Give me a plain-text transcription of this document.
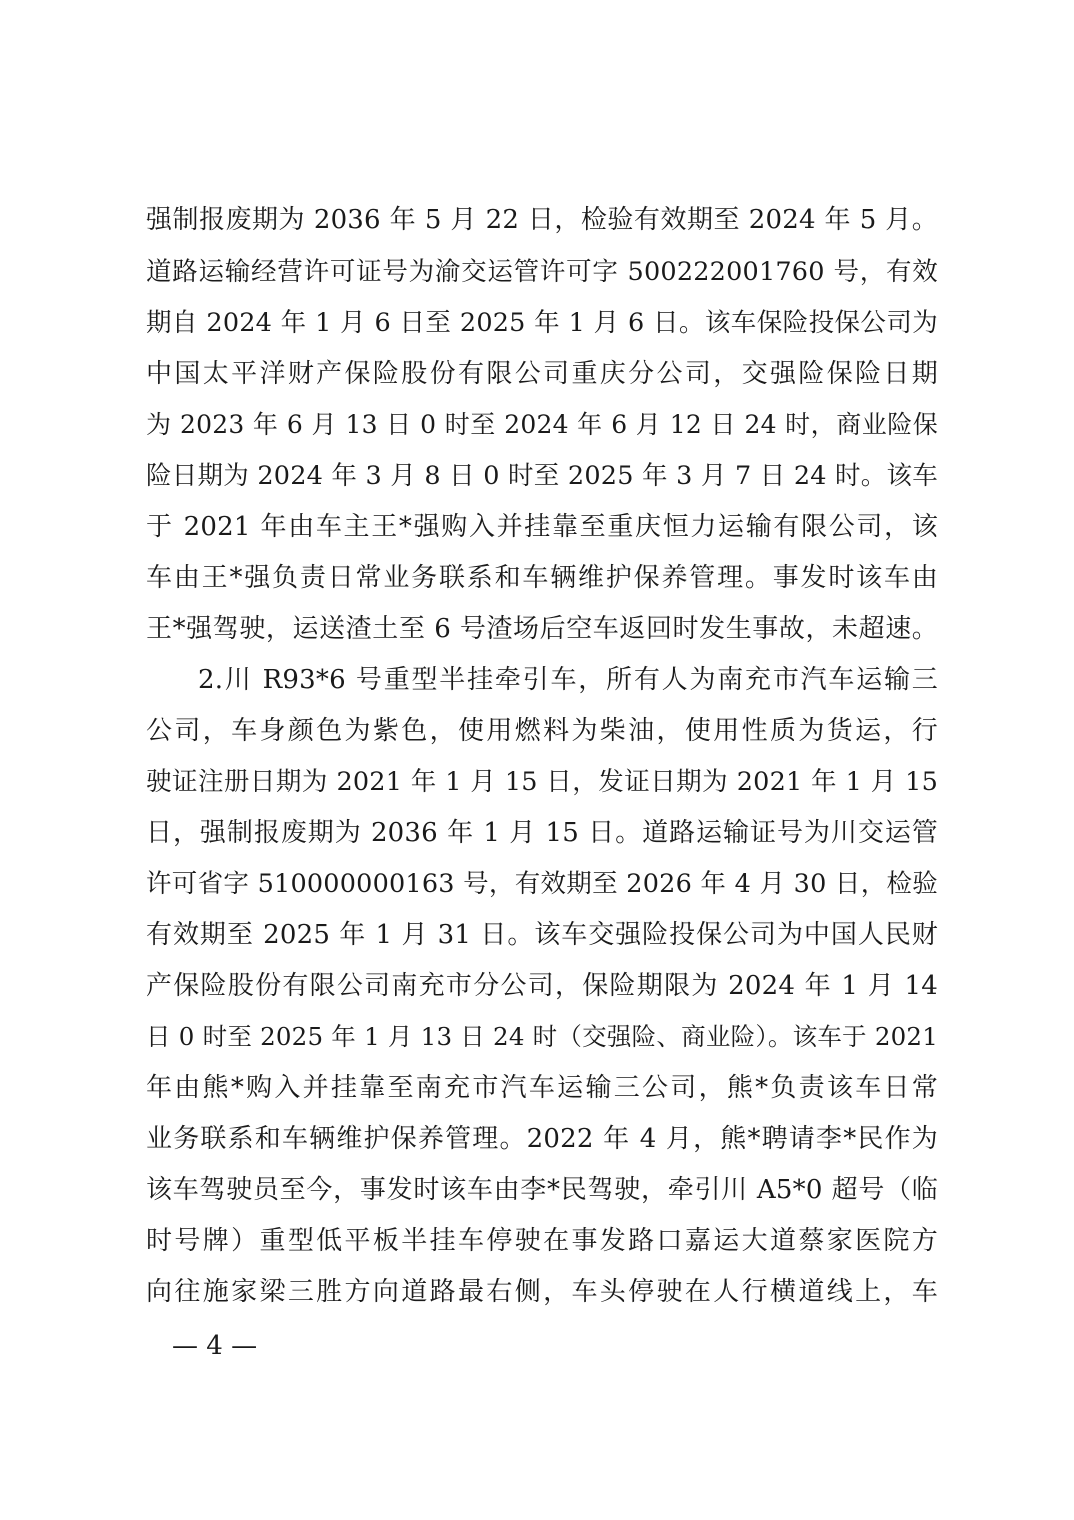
强制报废期为 2036 年 5 月 22 日，检验有效期至 2024 年 5 月。
道路运输经营许可证号为渝交运管许可字 500222001760 号，有效
期自 2024 年 1 月 6 日至 2025 年 1 月 6 日。该车保险投保公司为
中国太平洋财产保险股份有限公司重庆分公司，交强险保险日期
为 2023 年 6 月 13 日 0 时至 2024 年 6 月 12 日 24 时，商业险保
险日期为 2024 年 3 月 8 日 0 时至 2025 年 3 月 7 日 24 时。该车
于 2021 年由车主王*强购入并挂靠至重庆恒力运输有限公司，该
车由王*强负责日常业务联系和车辆维护保养管理。事发时该车由
王*强驾驶，运送渣土至 6 号渣场后空车返回时发生事故，未超速。
2.川 R93*6 号重型半挂牵引车，所有人为南充市汽车运输三
公司，车身颜色为紫色，使用燃料为柴油，使用性质为货运，行
驶证注册日期为 2021 年 1 月 15 日，发证日期为 2021 年 1 月 15
日，强制报废期为 2036 年 1 月 15 日。道路运输证号为川交运管
许可省字 510000000163 号，有效期至 2026 年 4 月 30 日，检验
有效期至 2025 年 1 月 31 日。该车交强险投保公司为中国人民财
产保险股份有限公司南充市分公司，保险期限为 2024 年 1 月 14
日 0 时至 2025 年 1 月 13 日 24 时（交强险、商业险）。该车于 2021
年由熊*购入并挂靠至南充市汽车运输三公司，熊*负责该车日常
业务联系和车辆维护保养管理。2022 年 4 月，熊*聘请李*民作为
该车驾驶员至今，事发时该车由李*民驾驶，牵引川 A5*0 超号（临
时号牌）重型低平板半挂车停驶在事发路口嘉运大道蔡家医院方
向往施家梁三胜方向道路最右侧，车头停驶在人行横道线上，车
— 4 —
